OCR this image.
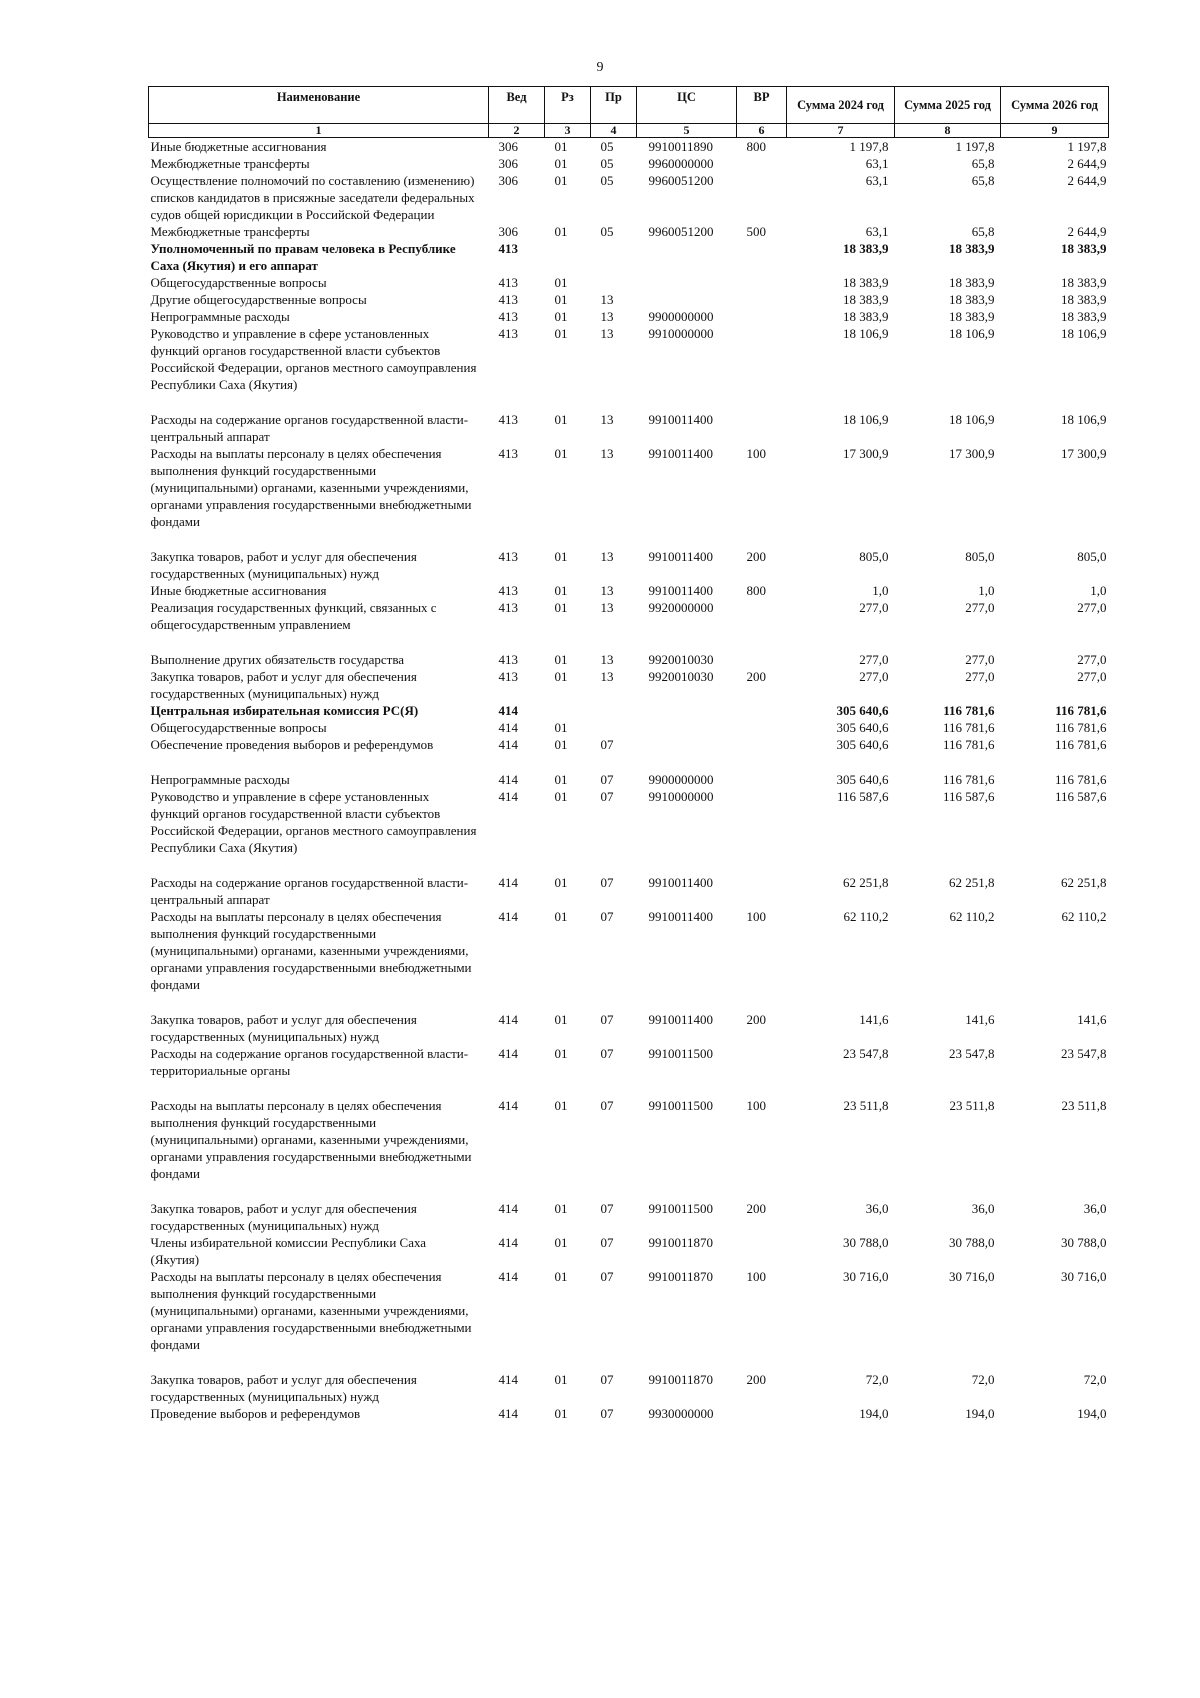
9
Наименование	Вед	Рз	Пр	ЦС	ВР	Сумма 2024 год	Сумма 2025 год	Сумма 2026 год
1	2	3	4	5	6	7	8	9
Иные бюджетные ассигнования	306	01	05	9910011890	800	1 197,8	1 197,8	1 197,8
Межбюджетные трансферты	306	01	05	9960000000		63,1	65,8	2 644,9
Осуществление полномочий по составлению (изменению) списков кандидатов в присяжные заседатели федеральных судов общей юрисдикции в Российской Федерации	306	01	05	9960051200		63,1	65,8	2 644,9
Межбюджетные трансферты	306	01	05	9960051200	500	63,1	65,8	2 644,9
Уполномоченный по правам человека в Республике Саха (Якутия) и его аппарат	413					18 383,9	18 383,9	18 383,9
Общегосударственные вопросы	413	01				18 383,9	18 383,9	18 383,9
Другие общегосударственные вопросы	413	01	13			18 383,9	18 383,9	18 383,9
Непрограммные расходы	413	01	13	9900000000		18 383,9	18 383,9	18 383,9
Руководство и управление в сфере установленных функций органов государственной власти субъектов Российской Федерации, органов местного самоуправления Республики Саха (Якутия)	413	01	13	9910000000		18 106,9	18 106,9	18 106,9
Расходы на содержание органов государственной власти- центральный аппарат	413	01	13	9910011400		18 106,9	18 106,9	18 106,9
Расходы на выплаты персоналу в целях обеспечения выполнения функций государственными (муниципальными) органами, казенными учреждениями, органами управления государственными внебюджетными фондами	413	01	13	9910011400	100	17 300,9	17 300,9	17 300,9
Закупка товаров, работ и услуг для обеспечения государственных (муниципальных) нужд	413	01	13	9910011400	200	805,0	805,0	805,0
Иные бюджетные ассигнования	413	01	13	9910011400	800	1,0	1,0	1,0
Реализация государственных функций, связанных с общегосударственным управлением	413	01	13	9920000000		277,0	277,0	277,0
Выполнение других обязательств государства	413	01	13	9920010030		277,0	277,0	277,0
Закупка товаров, работ и услуг для обеспечения государственных (муниципальных) нужд	413	01	13	9920010030	200	277,0	277,0	277,0
Центральная избирательная комиссия РС(Я)	414					305 640,6	116 781,6	116 781,6
Общегосударственные вопросы	414	01				305 640,6	116 781,6	116 781,6
Обеспечение проведения выборов и референдумов	414	01	07			305 640,6	116 781,6	116 781,6
Непрограммные расходы	414	01	07	9900000000		305 640,6	116 781,6	116 781,6
Руководство и управление в сфере установленных функций органов государственной власти субъектов Российской Федерации, органов местного самоуправления Республики Саха (Якутия)	414	01	07	9910000000		116 587,6	116 587,6	116 587,6
Расходы на содержание органов государственной власти- центральный аппарат	414	01	07	9910011400		62 251,8	62 251,8	62 251,8
Расходы на выплаты персоналу в целях обеспечения выполнения функций государственными (муниципальными) органами, казенными учреждениями, органами управления государственными внебюджетными фондами	414	01	07	9910011400	100	62 110,2	62 110,2	62 110,2
Закупка товаров, работ и услуг для обеспечения государственных (муниципальных) нужд	414	01	07	9910011400	200	141,6	141,6	141,6
Расходы на содержание органов государственной власти- территориальные органы	414	01	07	9910011500		23 547,8	23 547,8	23 547,8
Расходы на выплаты персоналу в целях обеспечения выполнения функций государственными (муниципальными) органами, казенными учреждениями, органами управления государственными внебюджетными фондами	414	01	07	9910011500	100	23 511,8	23 511,8	23 511,8
Закупка товаров, работ и услуг для обеспечения государственных (муниципальных) нужд	414	01	07	9910011500	200	36,0	36,0	36,0
Члены избирательной комиссии Республики Саха (Якутия)	414	01	07	9910011870		30 788,0	30 788,0	30 788,0
Расходы на выплаты персоналу в целях обеспечения выполнения функций государственными (муниципальными) органами, казенными учреждениями, органами управления государственными внебюджетными фондами	414	01	07	9910011870	100	30 716,0	30 716,0	30 716,0
Закупка товаров, работ и услуг для обеспечения государственных (муниципальных) нужд	414	01	07	9910011870	200	72,0	72,0	72,0
Проведение выборов и референдумов	414	01	07	9930000000		194,0	194,0	194,0
